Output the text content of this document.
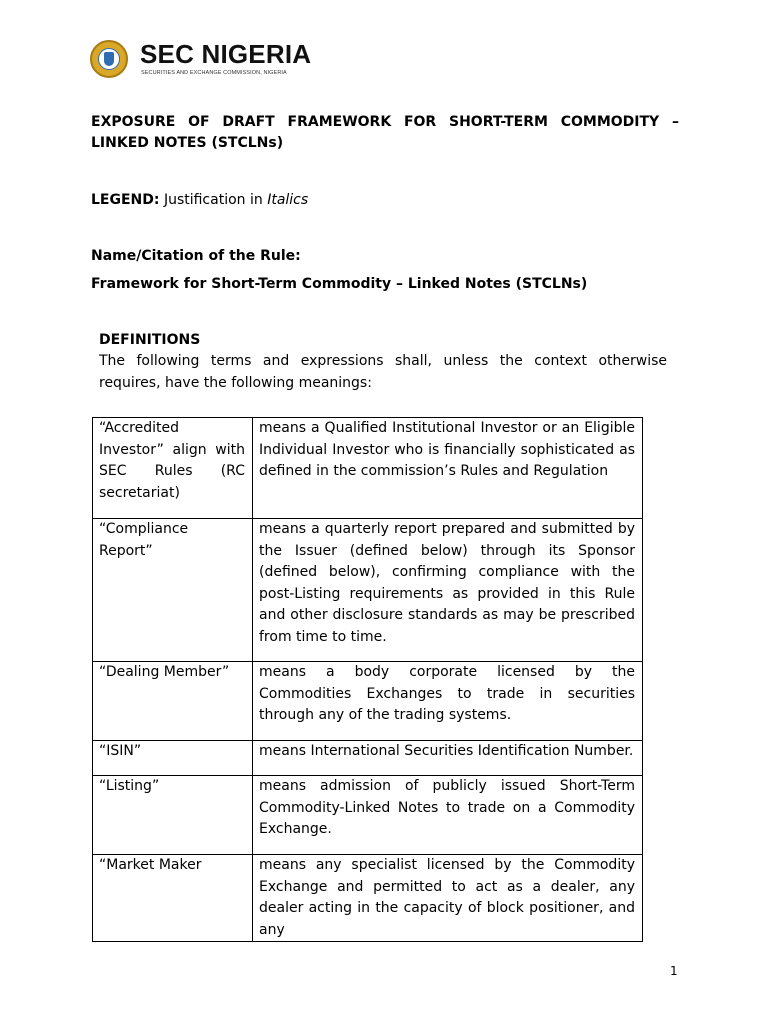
SEC NIGERIA
SECURITIES AND EXCHANGE COMMISSION, NIGERIA
EXPOSURE OF DRAFT FRAMEWORK FOR SHORT-TERM COMMODITY –
LINKED NOTES (STCLNs)
LEGEND: Justification in Italics
Name/Citation of the Rule:
Framework for Short-Term Commodity – Linked Notes (STCLNs)
DEFINITIONS
The following terms and expressions shall, unless the context otherwise requires, have the following meanings:
“Accredited Investor” align with SEC Rules (RC secretariat)	means a Qualified Institutional Investor or an Eligible Individual Investor who is financially sophisticated as defined in the commission’s Rules and Regulation
“Compliance Report”	means a quarterly report prepared and submitted by the Issuer (defined below) through its Sponsor (defined below), confirming compliance with the post-Listing requirements as provided in this Rule and other disclosure standards as may be prescribed from time to time.
“Dealing Member”	means a body corporate licensed by the Commodities Exchanges to trade in securities through any of the trading systems.
“ISIN”	means International Securities Identification Number.
“Listing”	means admission of publicly issued Short-Term Commodity-Linked Notes to trade on a Commodity Exchange.
“Market Maker	means any specialist licensed by the Commodity Exchange and permitted to act as a dealer, any dealer acting in the capacity of block positioner, and any
1
